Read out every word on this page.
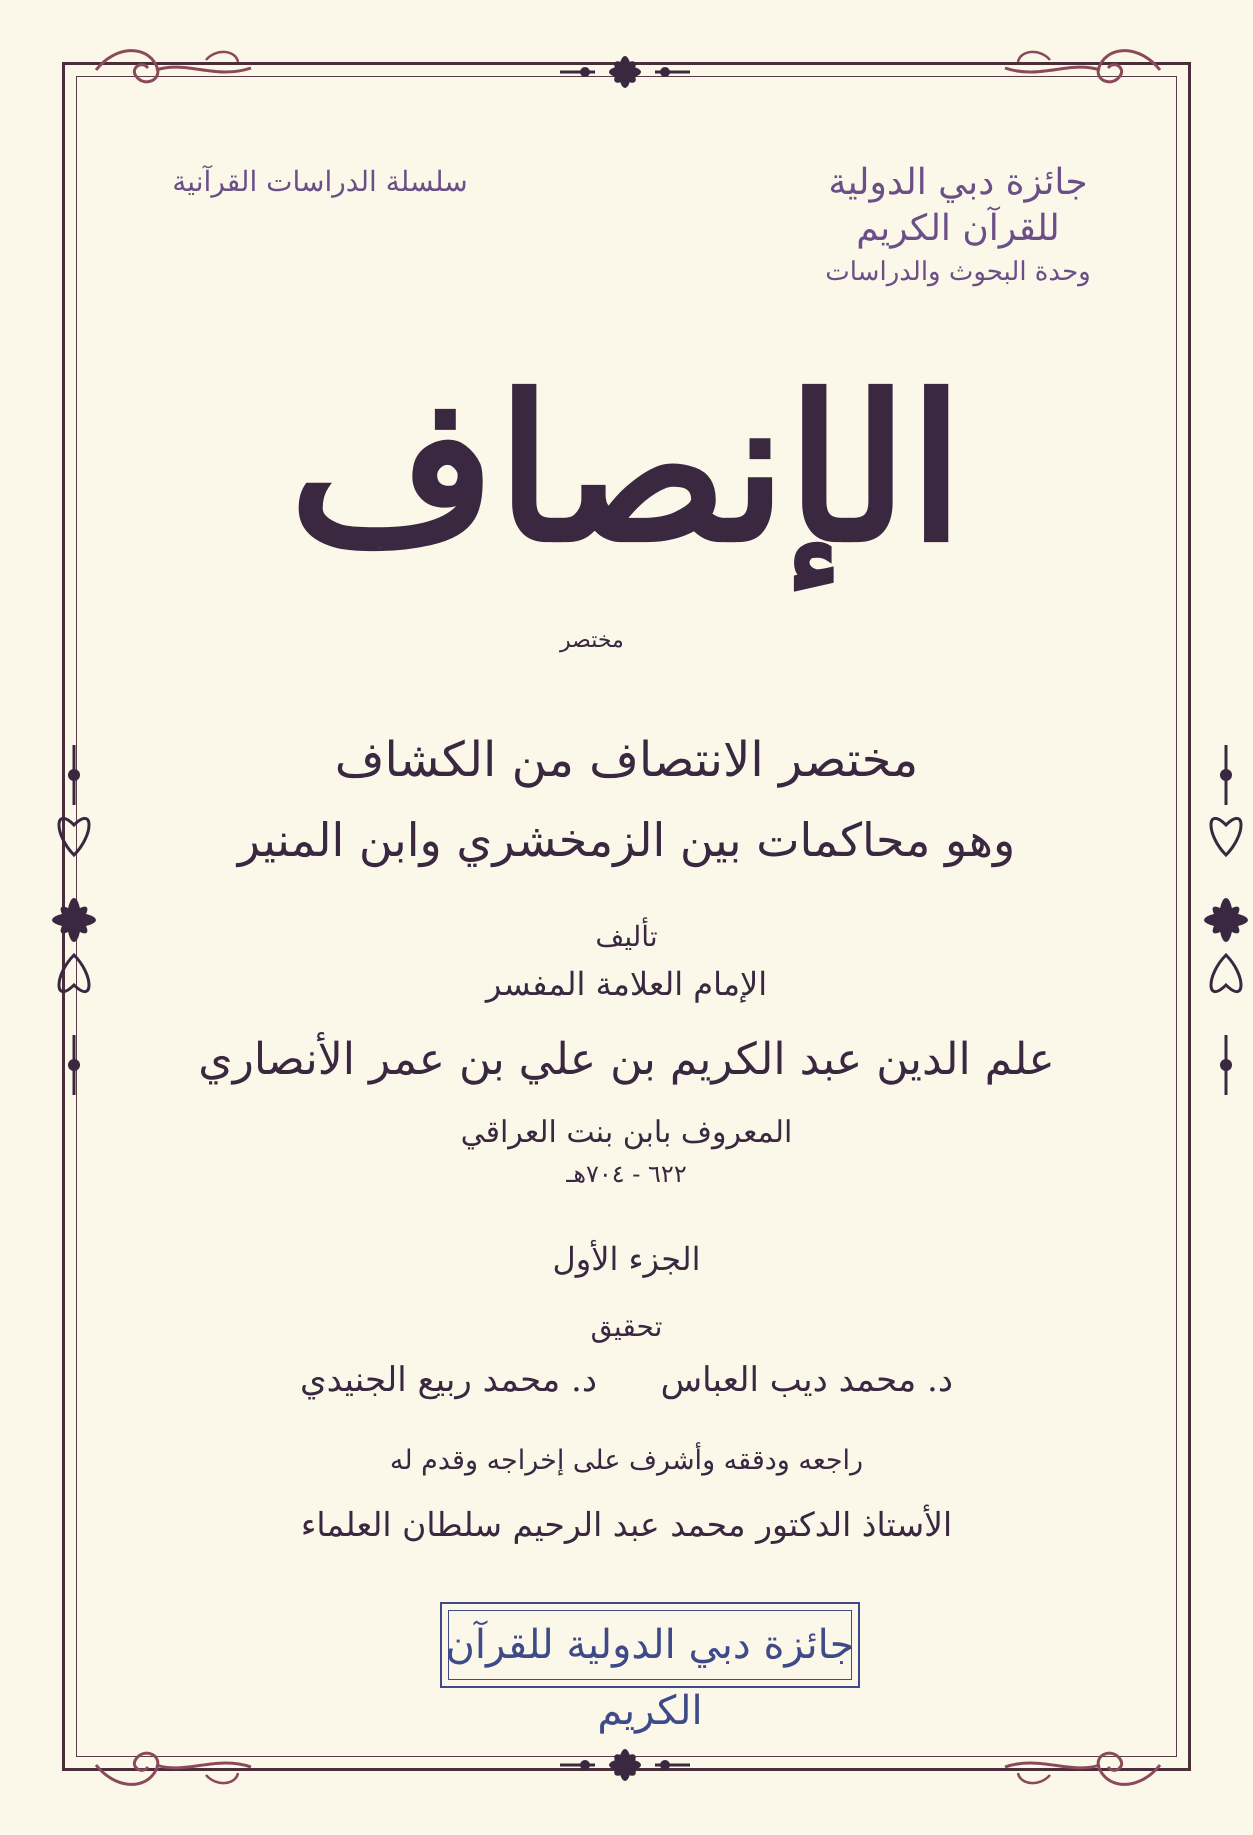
جائزة دبي الدولية للقرآن الكريم
وحدة البحوث والدراسات
سلسلة الدراسات القرآنية
الإنصاف
مختصر
مختصر الانتصاف من الكشاف
وهو محاكمات بين الزمخشري وابن المنير
تأليف
الإمام العلامة المفسر
علم الدين عبد الكريم بن علي بن عمر الأنصاري
المعروف بابن بنت العراقي
٦٢٢ - ٧٠٤هـ
الجزء الأول
تحقيق
د. محمد ديب العباس
د. محمد ربيع الجنيدي
راجعه ودققه وأشرف على إخراجه وقدم له
الأستاذ الدكتور محمد عبد الرحيم سلطان العلماء
جائزة دبي الدولية للقرآن الكريم
